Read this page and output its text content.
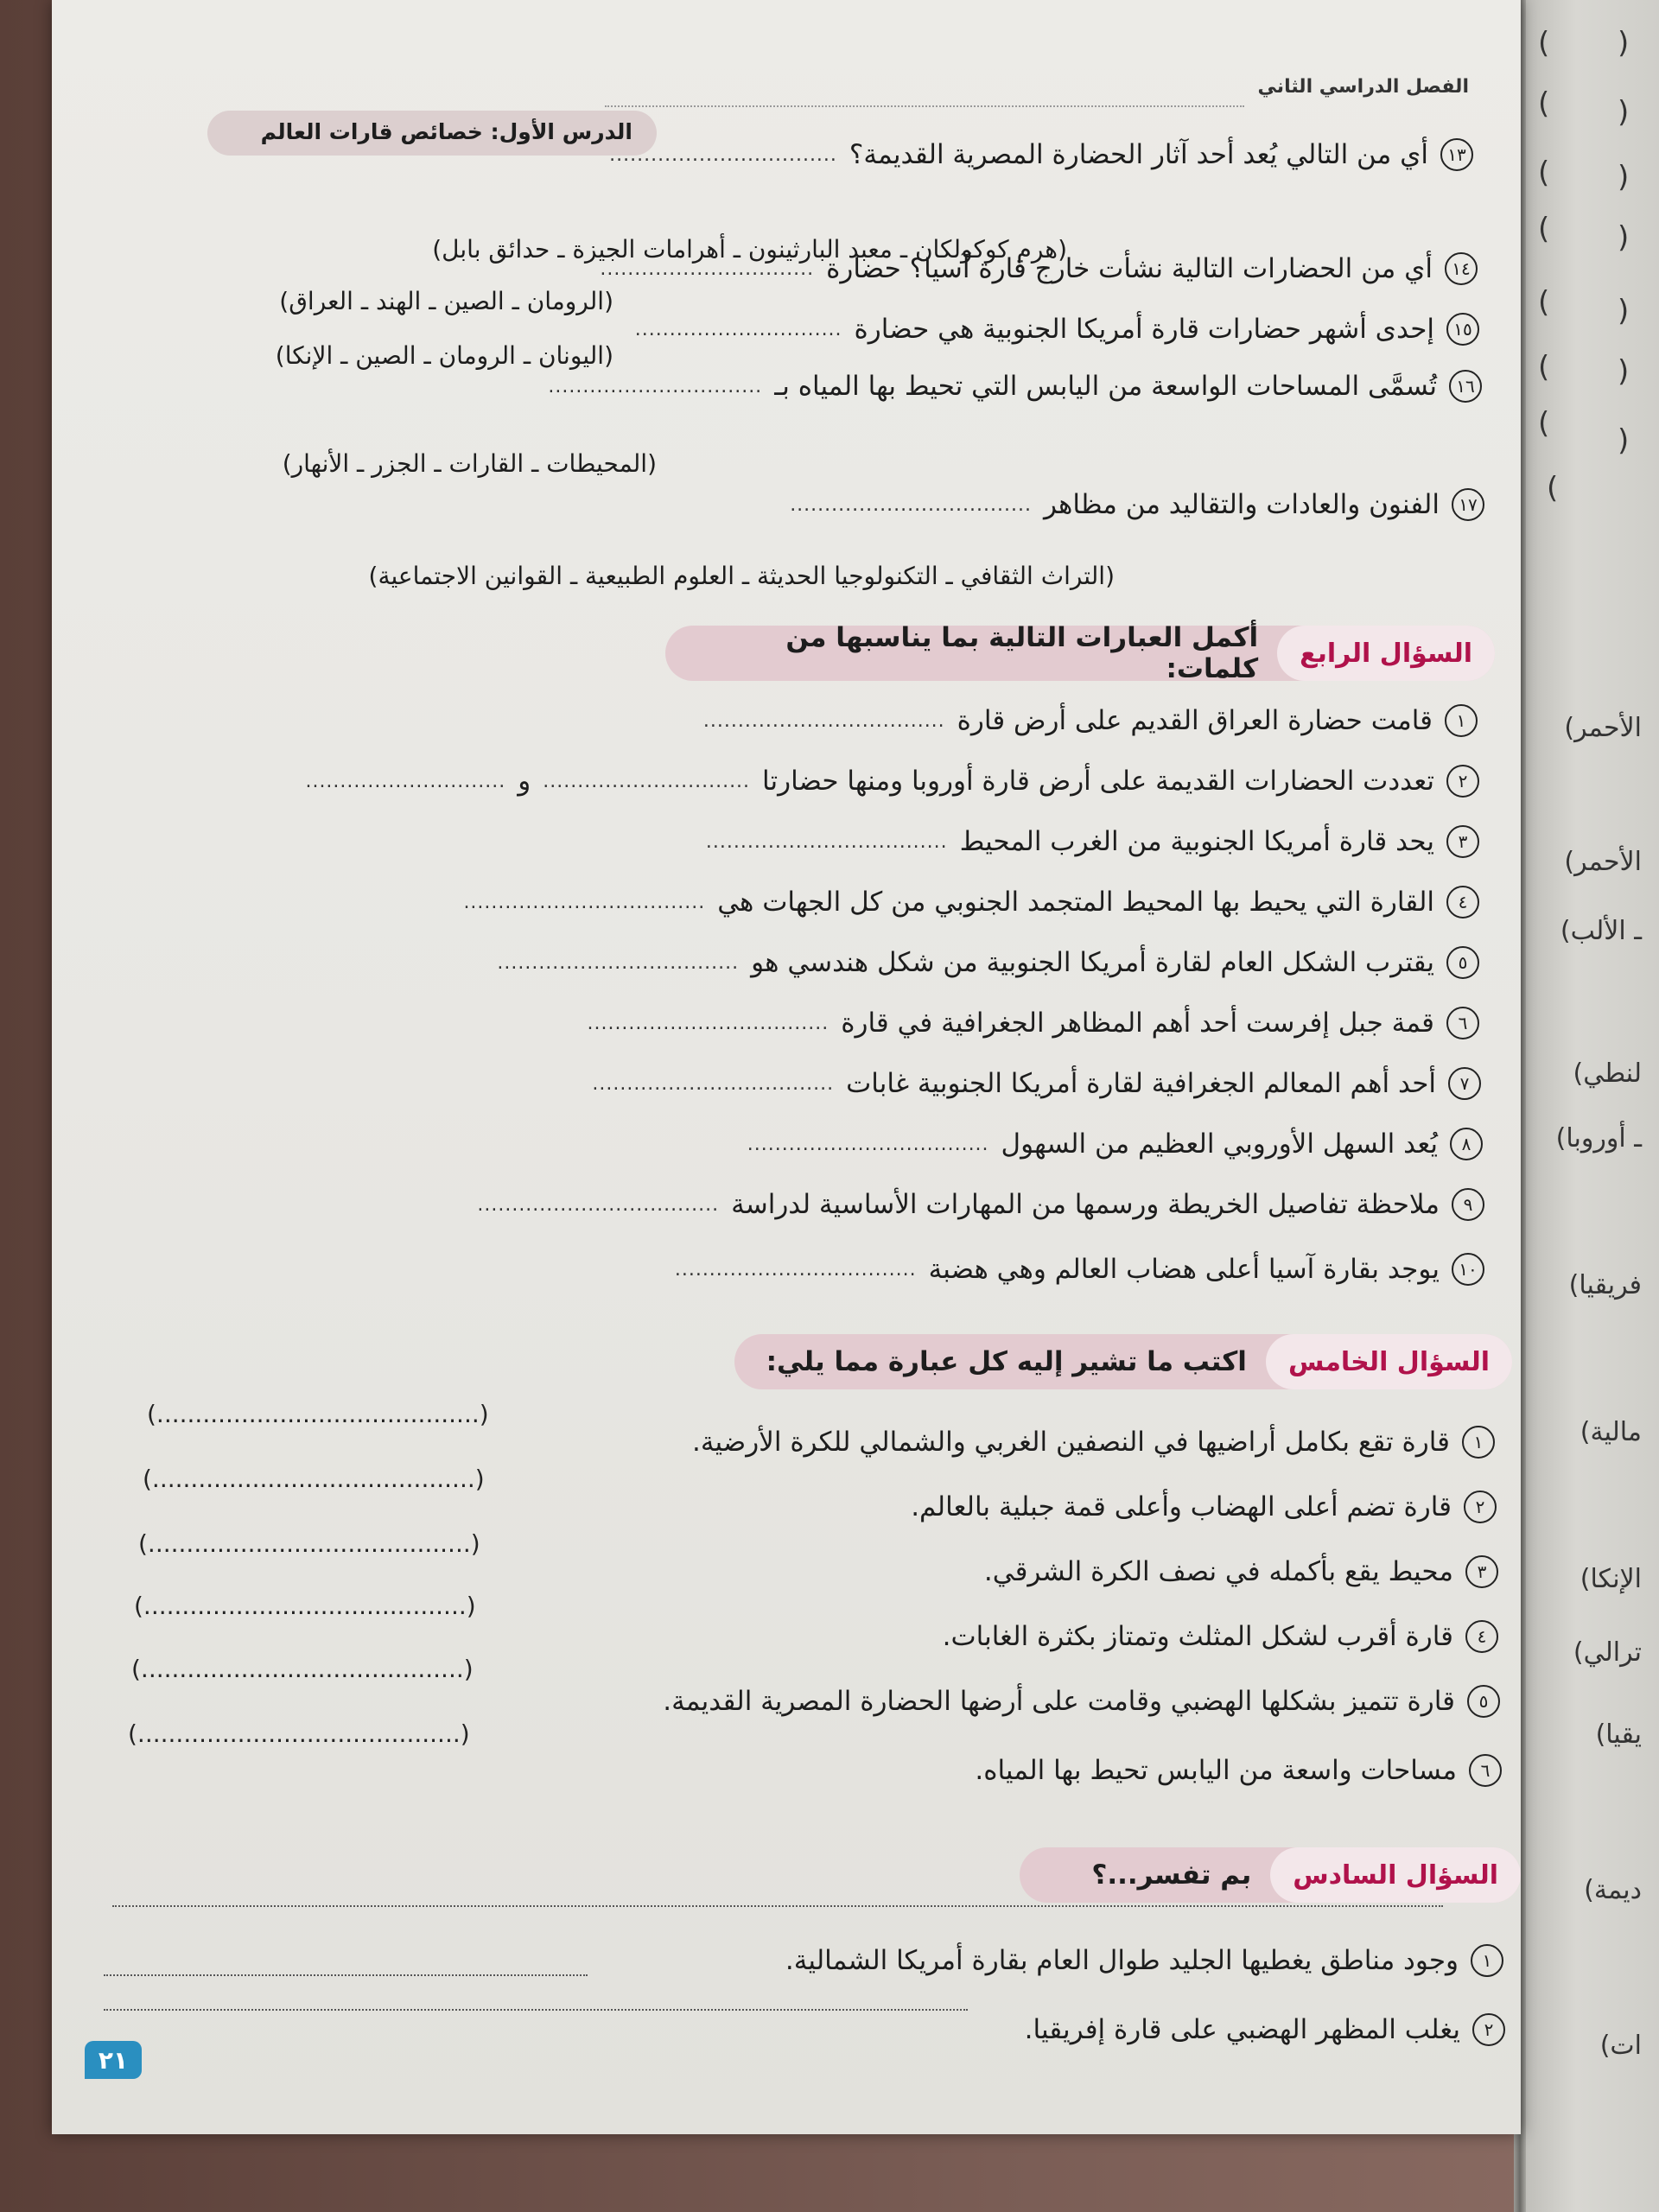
( )
( )
( )
( )
( )
( )
( )
(
الأحمر)
الأحمر)
ـ الألب)
لنطي)
ـ أوروبا)
فريقيا)
مالية)
الإنكا)
ترالي)
يقيا)
ديمة)
ات)
الفصل الدراسي الثاني
الدرس الأول: خصائص قارات العالم
١٣
أي من التالي يُعد أحد آثار الحضارة المصرية القديمة؟
.................................
(هرم كوكولكان ـ معبد البارثينون ـ أهرامات الجيزة ـ حدائق بابل)
١٤
أي من الحضارات التالية نشأت خارج قارة آسيا؟ حضارة
...............................
(الرومان ـ الصين ـ الهند ـ العراق)
١٥
إحدى أشهر حضارات قارة أمريكا الجنوبية هي حضارة
..............................
(اليونان ـ الرومان ـ الصين ـ الإنكا)
١٦
تُسمَّى المساحات الواسعة من اليابس التي تحيط بها المياه بـ
...............................
(المحيطات ـ القارات ـ الجزر ـ الأنهار)
١٧
الفنون والعادات والتقاليد من مظاهر
...................................
(التراث الثقافي ـ التكنولوجيا الحديثة ـ العلوم الطبيعية ـ القوانين الاجتماعية)
السؤال الرابع
أكمل العبارات التالية بما يناسبها من كلمات:
١
قامت حضارة العراق القديم على أرض قارة
...................................
٢
تعددت الحضارات القديمة على أرض قارة أوروبا ومنها حضارتا
..............................
و
.............................
٣
يحد قارة أمريكا الجنوبية من الغرب المحيط
...................................
٤
القارة التي يحيط بها المحيط المتجمد الجنوبي من كل الجهات هي
...................................
٥
يقترب الشكل العام لقارة أمريكا الجنوبية من شكل هندسي هو
...................................
٦
قمة جبل إفرست أحد أهم المظاهر الجغرافية في قارة
...................................
٧
أحد أهم المعالم الجغرافية لقارة أمريكا الجنوبية غابات
...................................
٨
يُعد السهل الأوروبي العظيم من السهول
...................................
٩
ملاحظة تفاصيل الخريطة ورسمها من المهارات الأساسية لدراسة
...................................
١٠
يوجد بقارة آسيا أعلى هضاب العالم وهي هضبة
...................................
السؤال الخامس
اكتب ما تشير إليه كل عبارة مما يلي:
١
قارة تقع بكامل أراضيها في النصفين الغربي والشمالي للكرة الأرضية.
(..........................................)
٢
قارة تضم أعلى الهضاب وأعلى قمة جبلية بالعالم.
(..........................................)
٣
محيط يقع بأكمله في نصف الكرة الشرقي.
(..........................................)
٤
قارة أقرب لشكل المثلث وتمتاز بكثرة الغابات.
(..........................................)
٥
قارة تتميز بشكلها الهضبي وقامت على أرضها الحضارة المصرية القديمة.
(..........................................)
٦
مساحات واسعة من اليابس تحيط بها المياه.
(..........................................)
السؤال السادس
بم تفسر...؟
١
وجود مناطق يغطيها الجليد طوال العام بقارة أمريكا الشمالية.
٢
يغلب المظهر الهضبي على قارة إفريقيا.
٢١
